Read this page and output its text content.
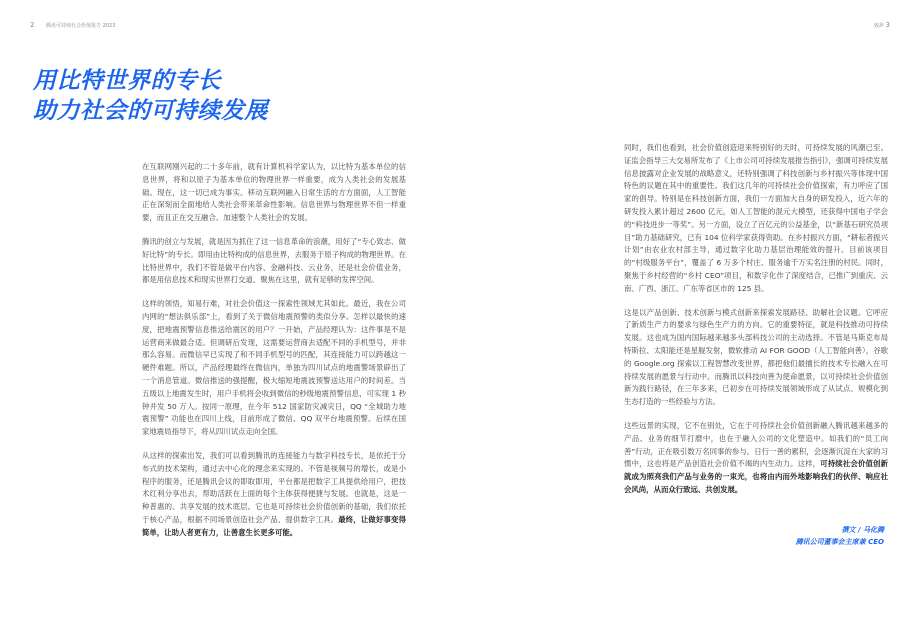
2 腾讯可持续社会价值报告 2023	致辞 3
用比特世界的专长
助力社会的可持续发展

在互联网刚兴起的二十多年前，就有计算机科学家认为，以比特为基本单位的信息世界，将和以原子为基本单位的物理世界一样重要，成为人类社会的发展基础。现在，这一切已成为事实。移动互联网融入日常生活的方方面面，人工智能正在深刻而全面地给人类社会带来革命性影响。信息世界与物理世界不但一样重要，而且正在交互融合、加速整个人类社会的发展。

腾讯的创立与发展，就是因为抓住了这一信息革命的浪潮，用好了“专心致志、做好比特”的专长。即用由比特构成的信息世界，去服务于原子构成的物理世界。在比特世界中，我们不管是做平台内容、金融科技、云业务，还是社会价值业务，都是用信息技术和现实世界打交道、聚焦在这里，就有足够的发挥空间。

这样的领悟，知易行难，对社会价值这一探索性领域尤其如此。最近，我在公司内网的“想法俱乐部”上，看到了关于微信地震预警的类似分享。怎样以最快的速度，把地震预警信息推送给震区的用户？一开始，产品经理认为：这件事是不是运营商来做最合适。但调研后发现，这需要运营商去适配不同的手机型号，并非那么容易。而微信早已实现了和不同手机型号的匹配，其连接能力可以跨越这一硬件难题。所以，产品经理最终在微信内，单独为四川试点的地震警场景辟出了一个消息管道。微信推送的强提醒，极大缩短地震波预警送达用户的时间差。当五级以上地震发生时，用户手机将会收到微信的秒级地震预警信息，可实现 1 秒钟并发 50 万人。按同一原理，在今年 512 国家防灾减灾日，QQ “全城助力地震预警” 功能也在四川上线，目前形成了微信、QQ 双平台地震预警。后续在国家地震局指导下，将从四川试点走向全国。

从这样的探索出发，我们可以看到腾讯的连接能力与数字科技专长，是依托于分布式的技术架构，通过去中心化的理念来实现的。不管是视频号的增长，或是小程序的服务，还是腾讯会议的即取即用，平台都是把数字工具提供给用户，把技术红利分享出去，帮助活跃在上面的每个主体获得便捷与发展。也就是，这是一种普惠的、共享发展的技术底层。它也是可持续社会价值创新的基础，我们依托于核心产品，根据不同场景创造社会产品、提供数字工具。最终，让做好事变得简单，让助人者更有力，让善意生长更多可能。

同时，我们也看到，社会价值创造迎来特别好的天时，可持续发展的风潮已至。证监会指导三大交易所发布了《上市公司可持续发展报告指引》，强调可持续发展信息披露对企业发展的战略意义，还特别强调了科技创新与乡村振兴等体现中国特色的议题在其中的重要性。我们这几年的可持续社会价值探索，有力呼应了国家的倡导。特别是在科技创新方面，我们一方面加大自身的研发投入，近六年的研发投入累计超过 2600 亿元，如人工智能的混元大模型，还获得中国电子学会的“科技进步一等奖”。另一方面，设立了百亿元的公益基金，以“新基石研究员项目”助力基础研究，已有 104 位科学家获得资助。在乡村振兴方面，“耕耘者振兴计划”由农业农村部主导，通过数字化助力基层治理能效的提升。目前该项目的“村级服务平台”，覆盖了 6 万多个村庄、服务逾千万实名注册的村民。同时，聚焦于乡村经营的“乡村 CEO”项目，和数字化作了深度结合，已推广到重庆、云南、广西、浙江、广东等省区市的 125 县。

这是以产品创新、技术创新与模式创新来探索发展路径、助解社会议题。它呼应了新质生产力的要求与绿色生产力的方向。它的重要特征，就是科技推动可持续发展。这也成为国内国际越来越多头部科技公司的主动选择。不管是马斯克布局特斯拉、太阳能还是星舰发射，微软推动 AI FOR GOOD（人工智能向善），谷歌的 Google.org 探索以工程智慧改变世界，都把他们最擅长的技术专长融入在可持续发展的愿景与行动中。而腾讯以科技向善为使命愿景，以可持续社会价值创新为践行路径，在三年多来，已初步在可持续发展领域形成了从试点、规模化到生态打造的一些经验与方法。

这些远景的实现，它不在别处，它在于可持续社会价值创新融入腾讯越来越多的产品、业务的细节打磨中，也在于融入公司的文化塑造中。如我们的“员工向善”行动，正在吸引数万名同事的参与。日行一善的累积，会逐渐沉淀在大家的习惯中，这也将是产品创造社会价值不竭的内生动力。这样，可持续社会价值创新就成为照亮我们产品与业务的一束光，也将由内而外地影响我们的伙伴、响应社会风尚，从而众行致远、共创发展。

撰文 / 马化腾
腾讯公司董事会主席兼 CEO
